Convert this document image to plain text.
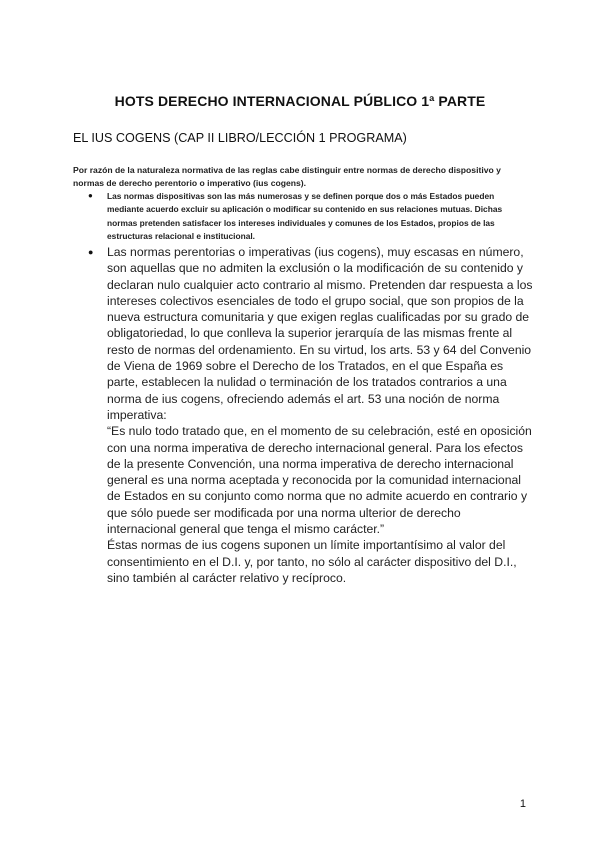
HOTS DERECHO INTERNACIONAL PÚBLICO 1ª PARTE
EL IUS COGENS (CAP II LIBRO/LECCIÓN 1 PROGRAMA)
Por razón de la naturaleza normativa de las reglas cabe distinguir entre normas de derecho dispositivo y normas de derecho perentorio o imperativo (ius cogens).
● Las normas dispositivas son las más numerosas y se definen porque dos o más Estados pueden mediante acuerdo excluir su aplicación o modificar su contenido en sus relaciones mutuas. Dichas normas pretenden satisfacer los intereses individuales y comunes de los Estados, propios de las estructuras relacional e institucional.
● Las normas perentorias o imperativas (ius cogens), muy escasas en número, son aquellas que no admiten la exclusión o la modificación de su contenido y declaran nulo cualquier acto contrario al mismo. Pretenden dar respuesta a los intereses colectivos esenciales de todo el grupo social, que son propios de la nueva estructura comunitaria y que exigen reglas cualificadas por su grado de obligatoriedad, lo que conlleva la superior jerarquía de las mismas frente al resto de normas del ordenamiento. En su virtud, los arts. 53 y 64 del Convenio de Viena de 1969 sobre el Derecho de los Tratados, en el que España es parte, establecen la nulidad o terminación de los tratados contrarios a una norma de ius cogens, ofreciendo además el art. 53 una noción de norma imperativa:

“Es nulo todo tratado que, en el momento de su celebración, esté en oposición con una norma imperativa de derecho internacional general. Para los efectos de la presente Convención, una norma imperativa de derecho internacional general es una norma aceptada y reconocida por la comunidad internacional de Estados en su conjunto como norma que no admite acuerdo en contrario y que sólo puede ser modificada por una norma ulterior de derecho internacional general que tenga el mismo carácter.”

Éstas normas de ius cogens suponen un límite importantísimo al valor del consentimiento en el D.I. y, por tanto, no sólo al carácter dispositivo del D.I., sino también al carácter relativo y recíproco.

1
